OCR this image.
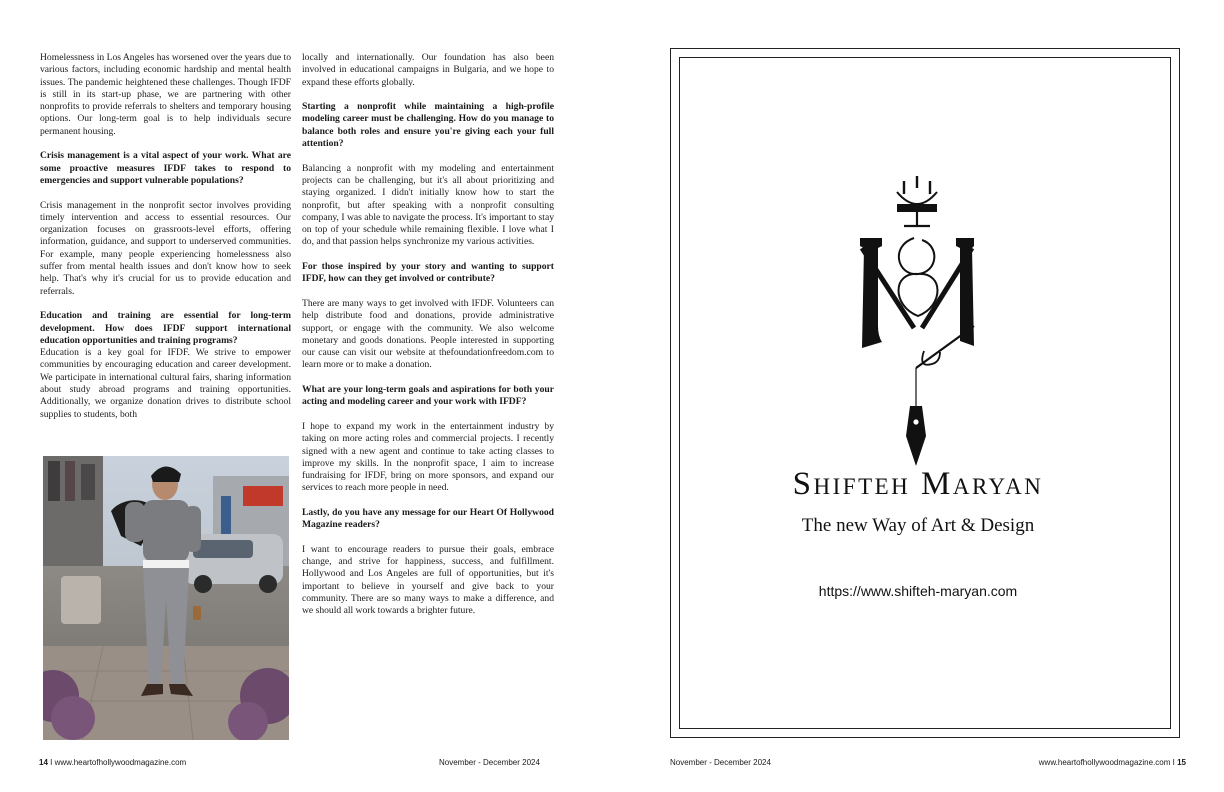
Homelessness in Los Angeles has worsened over the years due to various factors, including economic hardship and mental health issues. The pandemic heightened these challenges. Though IFDF is still in its start-up phase, we are partnering with other nonprofits to provide referrals to shelters and temporary housing options. Our long-term goal is to help individuals secure permanent housing.

Crisis management is a vital aspect of your work. What are some proactive measures IFDF takes to respond to emergencies and support vulnerable populations?

Crisis management in the nonprofit sector involves providing timely intervention and access to essential resources. Our organization focuses on grassroots-level efforts, offering information, guidance, and support to underserved communities. For example, many people experiencing homelessness also suffer from mental health issues and don't know how to seek help. That's why it's crucial for us to provide education and referrals.

Education and training are essential for long-term development. How does IFDF support international education opportunities and training programs?

Education is a key goal for IFDF. We strive to empower communities by encouraging education and career development. We participate in international cultural fairs, sharing information about study abroad programs and training opportunities. Additionally, we organize donation drives to distribute school supplies to students, both

locally and internationally. Our foundation has also been involved in educational campaigns in Bulgaria, and we hope to expand these efforts globally.

Starting a nonprofit while maintaining a high-profile modeling career must be challenging. How do you manage to balance both roles and ensure you're giving each your full attention?

Balancing a nonprofit with my modeling and entertainment projects can be challenging, but it's all about prioritizing and staying organized. I didn't initially know how to start the nonprofit, but after speaking with a nonprofit consulting company, I was able to navigate the process. It's important to stay on top of your schedule while remaining flexible. I love what I do, and that passion helps synchronize my various activities.

For those inspired by your story and wanting to support IFDF, how can they get involved or contribute?

There are many ways to get involved with IFDF. Volunteers can help distribute food and donations, provide administrative support, or engage with the community. We also welcome monetary and goods donations. People interested in supporting our cause can visit our website at thefoundationfreedom.com to learn more or to make a donation.

What are your long-term goals and aspirations for both your acting and modeling career and your work with IFDF?

I hope to expand my work in the entertainment industry by taking on more acting roles and commercial projects. I recently signed with a new agent and continue to take acting classes to improve my skills. In the nonprofit space, I aim to increase fundraising for IFDF, bring on more sponsors, and expand our services to reach more people in need.

Lastly, do you have any message for our Heart Of Hollywood Magazine readers?

I want to encourage readers to pursue their goals, embrace change, and strive for happiness, success, and fulfillment. Hollywood and Los Angeles are full of opportunities, but it's important to believe in yourself and give back to your community. There are so many ways to make a difference, and we should all work towards a brighter future.

14 I www.heartofhollywoodmagazine.com	November - December 2024
Shifteh Maryan
The new Way of Art & Design
https://www.shifteh-maryan.com
November - December 2024	www.heartofhollywoodmagazine.com I 15
